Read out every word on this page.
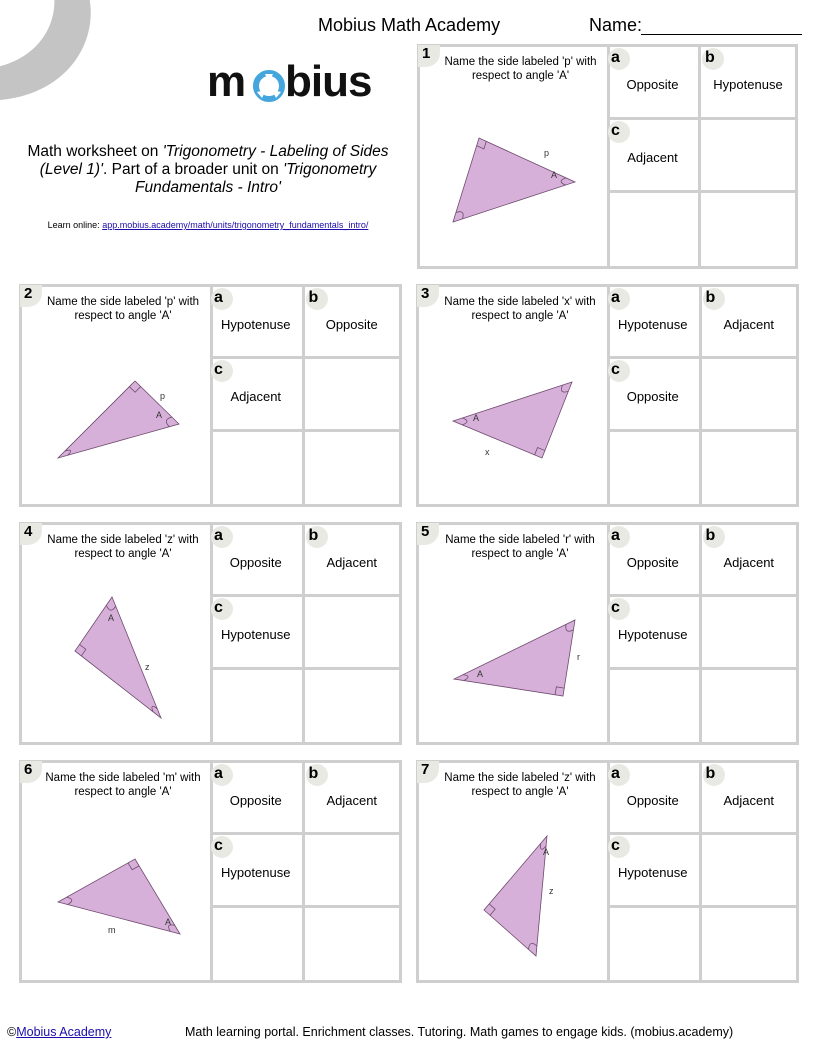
Mobius Math Academy	Name:
m bius
Math worksheet on 'Trigonometry - Labeling of Sides (Level 1)'. Part of a broader unit on 'Trigonometry Fundamentals - Intro'
Learn online: app.mobius.academy/math/units/trigonometry_fundamentals_intro/
1	Name the side labeled 'p' with respect to angle 'A'
p
A
a
Opposite
b
Hypotenuse
c
Adjacent
2	Name the side labeled 'p' with respect to angle 'A'
p
A
a
Hypotenuse
b
Opposite
c
Adjacent
3	Name the side labeled 'x' with respect to angle 'A'
x
A
a
Hypotenuse
b
Adjacent
c
Opposite
4	Name the side labeled 'z' with respect to angle 'A'
z
A
a
Opposite
b
Adjacent
c
Hypotenuse
5	Name the side labeled 'r' with respect to angle 'A'
r
A
a
Opposite
b
Adjacent
c
Hypotenuse
6	Name the side labeled 'm' with respect to angle 'A'
m
A
a
Opposite
b
Adjacent
c
Hypotenuse
7	Name the side labeled 'z' with respect to angle 'A'
z
A
a
Opposite
b
Adjacent
c
Hypotenuse
©Mobius Academy	Math learning portal. Enrichment classes. Tutoring. Math games to engage kids. (mobius.academy)
